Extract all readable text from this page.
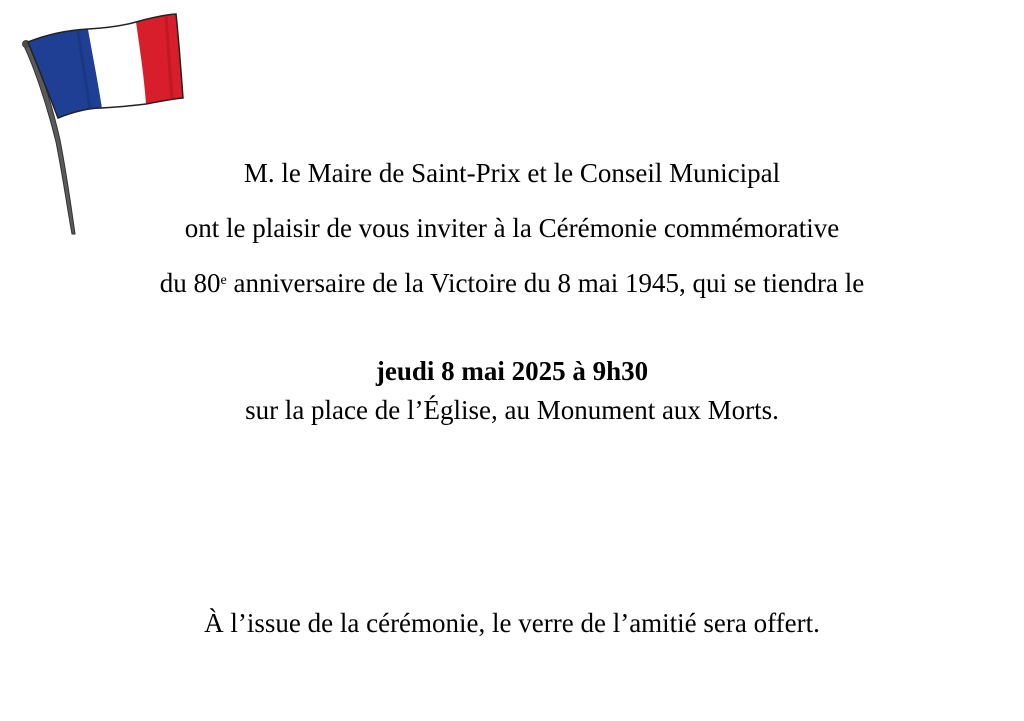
M. le Maire de Saint-Prix et le Conseil Municipal
ont le plaisir de vous inviter à la Cérémonie commémorative
du 80e anniversaire de la Victoire du 8 mai 1945, qui se tiendra le
jeudi 8 mai 2025 à 9h30
sur la place de l’Église, au Monument aux Morts.
À l’issue de la cérémonie, le verre de l’amitié sera offert.
